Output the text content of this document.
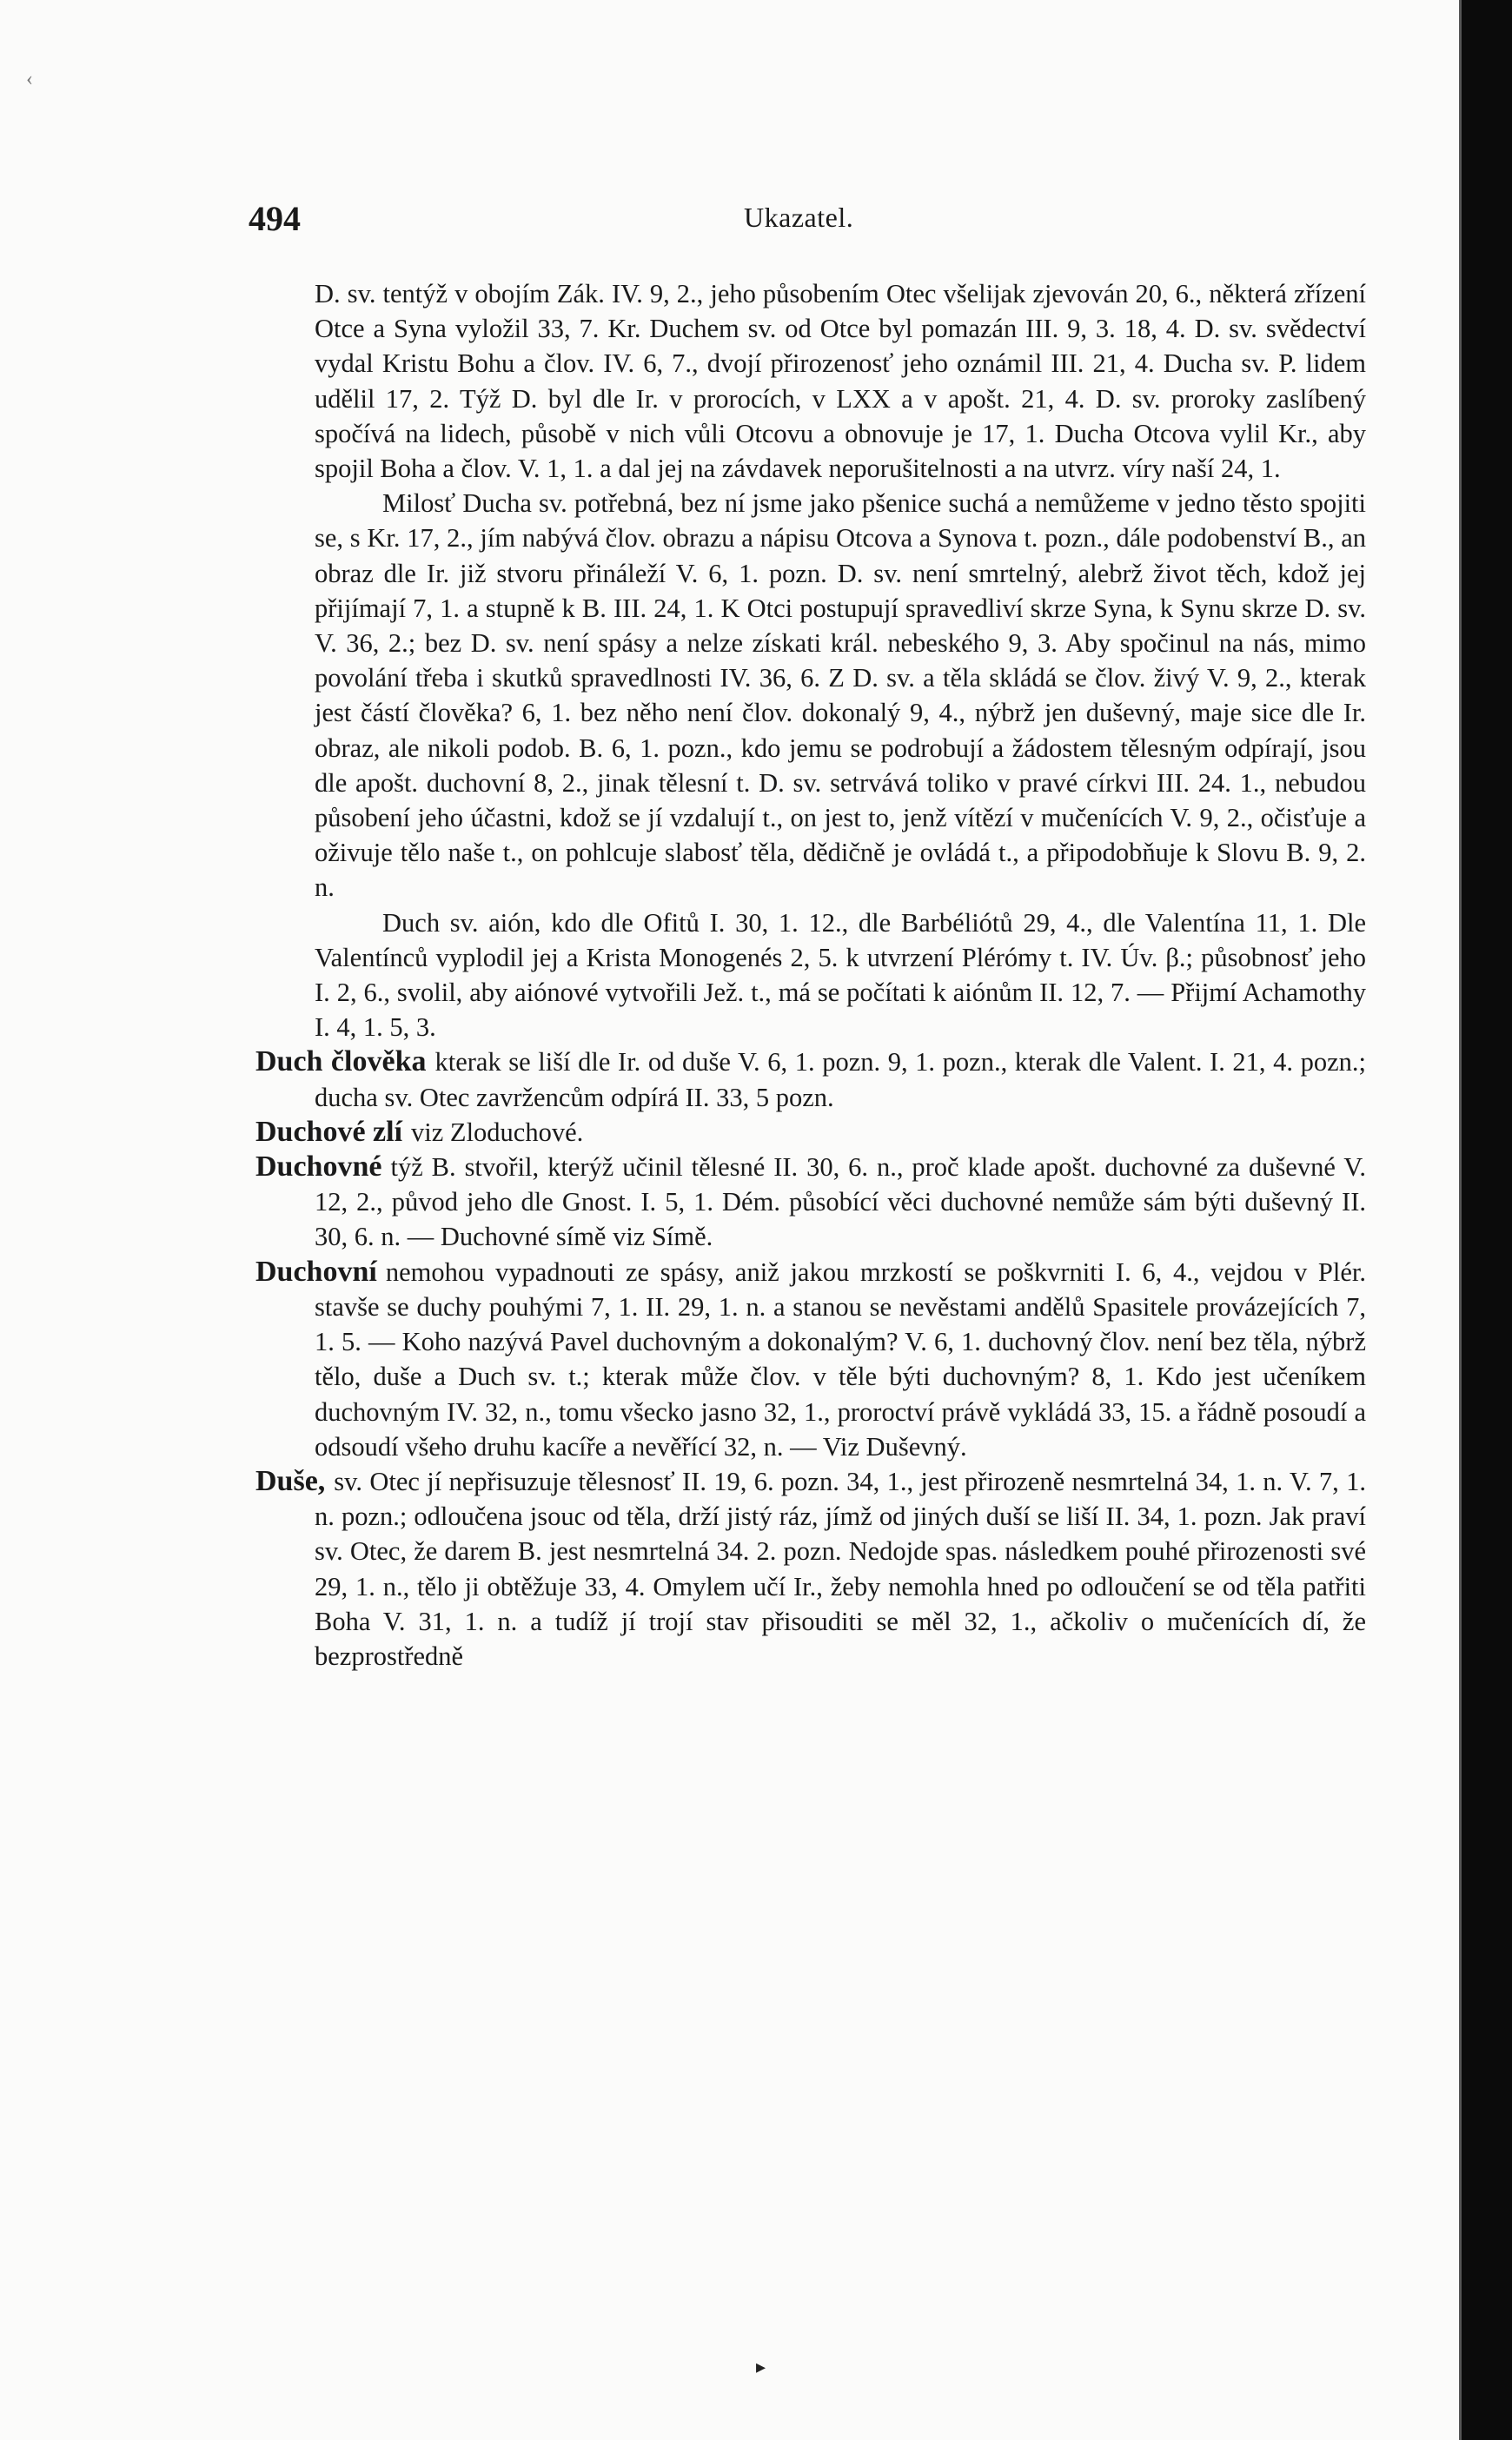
‹
494	Ukazatel.

D. sv. tentýž v obojím Zák. IV. 9, 2., jeho působením Otec všelijak zjevován 20, 6., některá zřízení Otce a Syna vyložil 33, 7. Kr. Duchem sv. od Otce byl pomazán III. 9, 3. 18, 4. D. sv. svědectví vydal Kristu Bohu a člov. IV. 6, 7., dvojí přirozenosť jeho oznámil III. 21, 4. Ducha sv. P. lidem udělil 17, 2. Týž D. byl dle Ir. v prorocích, v LXX a v apošt. 21, 4. D. sv. proroky zaslíbený spočívá na lidech, působě v nich vůli Otcovu a obnovuje je 17, 1. Ducha Otcova vylil Kr., aby spojil Boha a člov. V. 1, 1. a dal jej na závdavek neporušitelnosti a na utvrz. víry naší 24, 1.

Milosť Ducha sv. potřebná, bez ní jsme jako pšenice suchá a nemůžeme v jedno těsto spojiti se, s Kr. 17, 2., jím nabývá člov. obrazu a nápisu Otcova a Synova t. pozn., dále podobenství B., an obraz dle Ir. již stvoru přináleží V. 6, 1. pozn. D. sv. není smrtelný, alebrž život těch, kdož jej přijímají 7, 1. a stupně k B. III. 24, 1. K Otci postupují spravedliví skrze Syna, k Synu skrze D. sv. V. 36, 2.; bez D. sv. není spásy a nelze získati král. nebeského 9, 3. Aby spočinul na nás, mimo povolání třeba i skutků spravedlnosti IV. 36, 6. Z D. sv. a těla skládá se člov. živý V. 9, 2., kterak jest částí člověka? 6, 1. bez něho není člov. dokonalý 9, 4., nýbrž jen duševný, maje sice dle Ir. obraz, ale nikoli podob. B. 6, 1. pozn., kdo jemu se podrobují a žádostem tělesným odpírají, jsou dle apošt. duchovní 8, 2., jinak tělesní t. D. sv. setrvává toliko v pravé církvi III. 24. 1., nebudou působení jeho účastni, kdož se jí vzdalují t., on jest to, jenž vítězí v mučenících V. 9, 2., očisťuje a oživuje tělo naše t., on pohlcuje slabosť těla, dědičně je ovládá t., a připodobňuje k Slovu B. 9, 2. n.

Duch sv. aión, kdo dle Ofitů I. 30, 1. 12., dle Barbéliótů 29, 4., dle Valentína 11, 1. Dle Valentínců vyplodil jej a Krista Monogenés 2, 5. k utvrzení Plérómy t. IV. Úv. β.; působnosť jeho I. 2, 6., svolil, aby aiónové vytvořili Jež. t., má se počítati k aiónům II. 12, 7. — Přijmí Achamothy I. 4, 1. 5, 3.

Duch člověka kterak se liší dle Ir. od duše V. 6, 1. pozn. 9, 1. pozn., kterak dle Valent. I. 21, 4. pozn.; ducha sv. Otec zavržencům odpírá II. 33, 5 pozn.

Duchové zlí viz Zloduchové.

Duchovné týž B. stvořil, kterýž učinil tělesné II. 30, 6. n., proč klade apošt. duchovné za duševné V. 12, 2., původ jeho dle Gnost. I. 5, 1. Dém. působící věci duchovné nemůže sám býti duševný II. 30, 6. n. — Duchovné símě viz Símě.

Duchovní nemohou vypadnouti ze spásy, aniž jakou mrzkostí se poškvrniti I. 6, 4., vejdou v Plér. stavše se duchy pouhými 7, 1. II. 29, 1. n. a stanou se nevěstami andělů Spasitele provázejících 7, 1. 5. — Koho nazývá Pavel duchovným a dokonalým? V. 6, 1. duchovný člov. není bez těla, nýbrž tělo, duše a Duch sv. t.; kterak může člov. v těle býti duchovným? 8, 1. Kdo jest učeníkem duchovným IV. 32, n., tomu všecko jasno 32, 1., proroctví právě vykládá 33, 15. a řádně posoudí a odsoudí všeho druhu kacíře a nevěřící 32, n. — Viz Duševný.

Duše, sv. Otec jí nepřisuzuje tělesnosť II. 19, 6. pozn. 34, 1., jest přirozeně nesmrtelná 34, 1. n. V. 7, 1. n. pozn.; odloučena jsouc od těla, drží jistý ráz, jímž od jiných duší se liší II. 34, 1. pozn. Jak praví sv. Otec, že darem B. jest nesmrtelná 34. 2. pozn. Nedojde spas. následkem pouhé přirozenosti své 29, 1. n., tělo ji obtěžuje 33, 4. Omylem učí Ir., žeby nemohla hned po odloučení se od těla patřiti Boha V. 31, 1. n. a tudíž jí trojí stav přisouditi se měl 32, 1., ačkoliv o mučenících dí, že bezprostředně

▸
